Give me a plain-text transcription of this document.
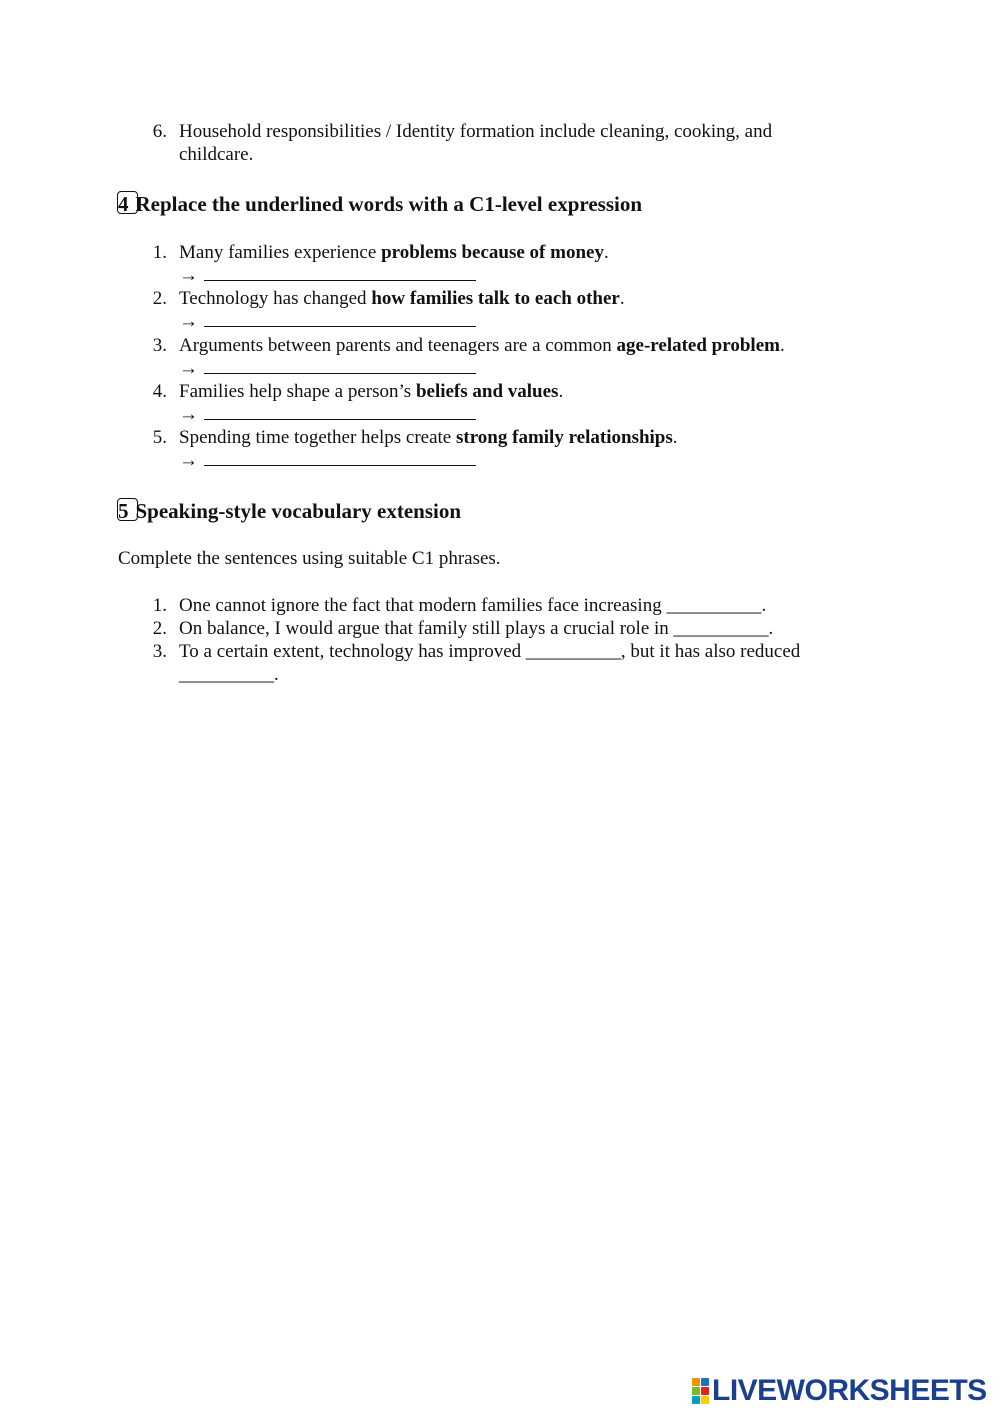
6. Household responsibilities / Identity formation include cleaning, cooking, and
childcare.
4 Replace the underlined words with a C1-level expression
1. Many families experience problems because of money.
→
2. Technology has changed how families talk to each other.
→
3. Arguments between parents and teenagers are a common age-related problem.
→
4. Families help shape a person’s beliefs and values.
→
5. Spending time together helps create strong family relationships.
→
5 Speaking-style vocabulary extension
Complete the sentences using suitable C1 phrases.
1. One cannot ignore the fact that modern families face increasing __________.
2. On balance, I would argue that family still plays a crucial role in __________.
3. To a certain extent, technology has improved __________, but it has also reduced
__________.
LIVEWORKSHEETS
